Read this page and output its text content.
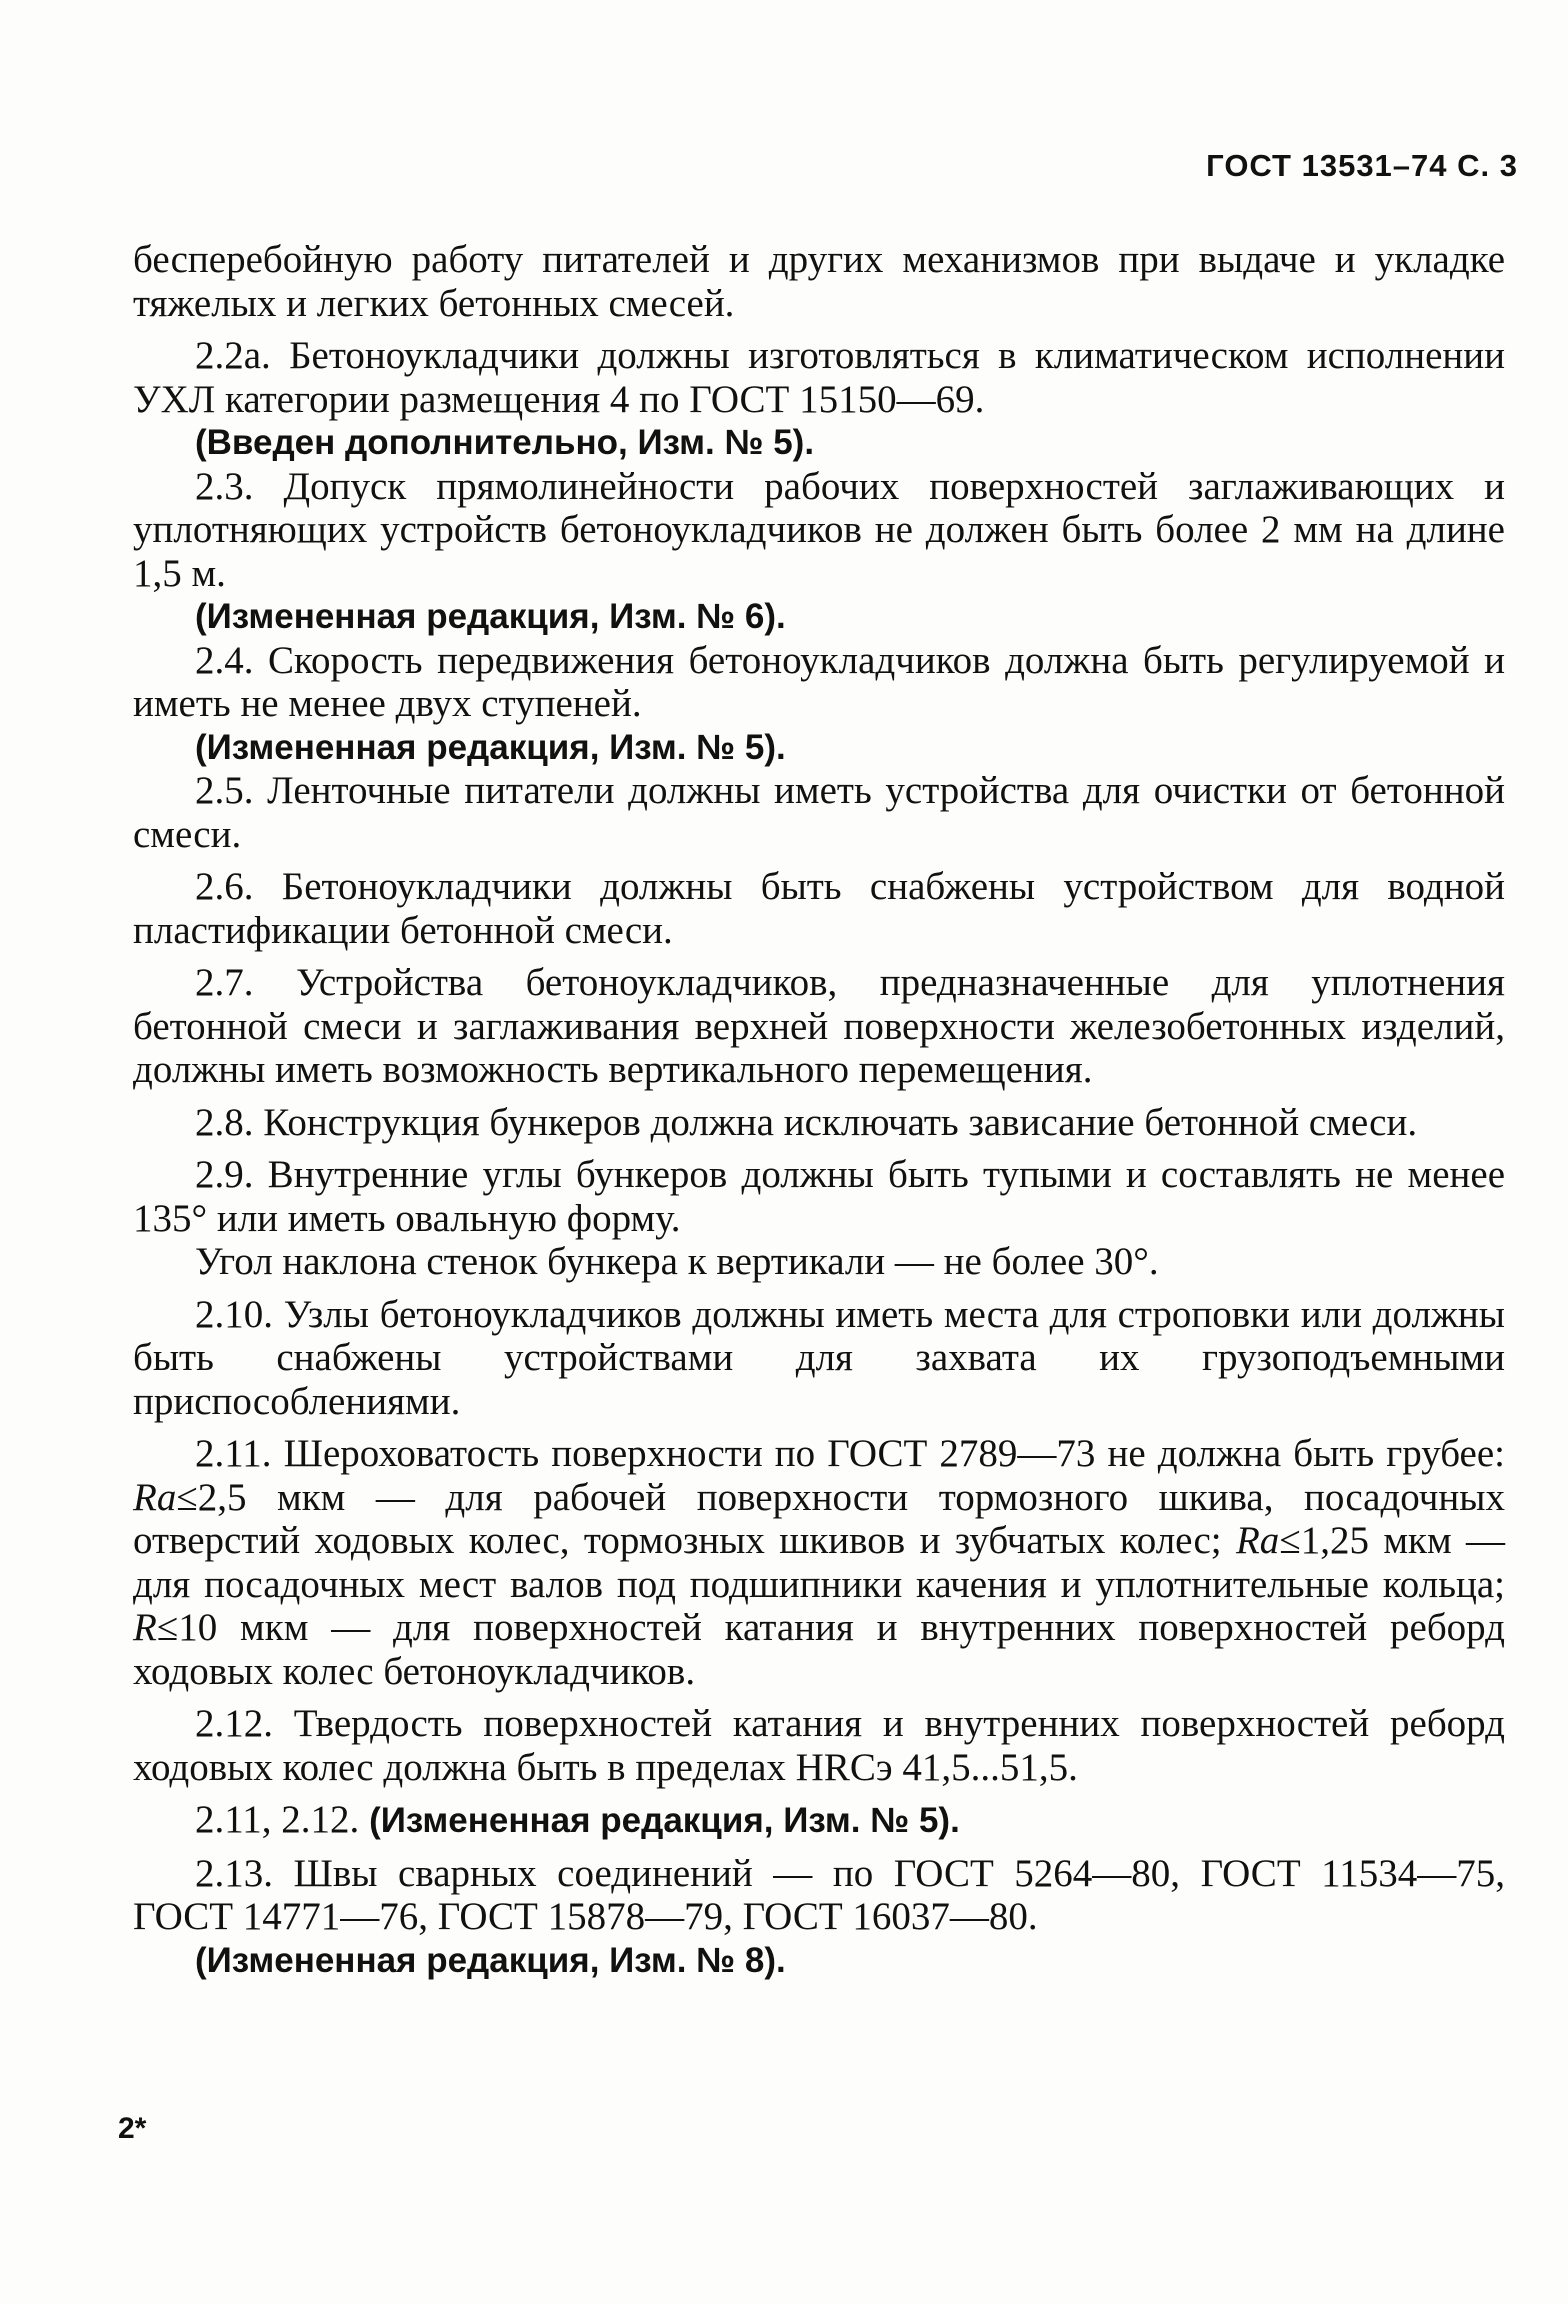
ГОСТ 13531–74 С. 3

бесперебойную работу питателей и других механизмов при выдаче и укладке тяжелых и легких бетонных смесей.

2.2а. Бетоноукладчики должны изготовляться в климатическом исполнении УХЛ категории размещения 4 по ГОСТ 15150—69.

(Введен дополнительно, Изм. № 5).

2.3. Допуск прямолинейности рабочих поверхностей заглаживающих и уплотняющих устройств бетоноукладчиков не должен быть более 2 мм на длине 1,5 м.

(Измененная редакция, Изм. № 6).

2.4. Скорость передвижения бетоноукладчиков должна быть регулируемой и иметь не менее двух ступеней.

(Измененная редакция, Изм. № 5).

2.5. Ленточные питатели должны иметь устройства для очистки от бетонной смеси.

2.6. Бетоноукладчики должны быть снабжены устройством для водной пластификации бетонной смеси.

2.7. Устройства бетоноукладчиков, предназначенные для уплотнения бетонной смеси и заглаживания верхней поверхности железобетонных изделий, должны иметь возможность вертикального перемещения.

2.8. Конструкция бункеров должна исключать зависание бетонной смеси.

2.9. Внутренние углы бункеров должны быть тупыми и составлять не менее 135° или иметь овальную форму.

Угол наклона стенок бункера к вертикали — не более 30°.

2.10. Узлы бетоноукладчиков должны иметь места для строповки или должны быть снабжены устройствами для захвата их грузоподъемными приспособлениями.

2.11. Шероховатость поверхности по ГОСТ 2789—73 не должна быть грубее: Ra≤2,5 мкм — для рабочей поверхности тормозного шкива, посадочных отверстий ходовых колес, тормозных шкивов и зубчатых колес; Ra≤1,25 мкм — для посадочных мест валов под подшипники качения и уплотнительные кольца; R≤10 мкм — для поверхностей катания и внутренних поверхностей реборд ходовых колес бетоноукладчиков.

2.12. Твердость поверхностей катания и внутренних поверхностей реборд ходовых колес должна быть в пределах HRCэ 41,5...51,5.

2.11, 2.12. (Измененная редакция, Изм. № 5).

2.13. Швы сварных соединений — по ГОСТ 5264—80, ГОСТ 11534—75, ГОСТ 14771—76, ГОСТ 15878—79, ГОСТ 16037—80.

(Измененная редакция, Изм. № 8).

2*
